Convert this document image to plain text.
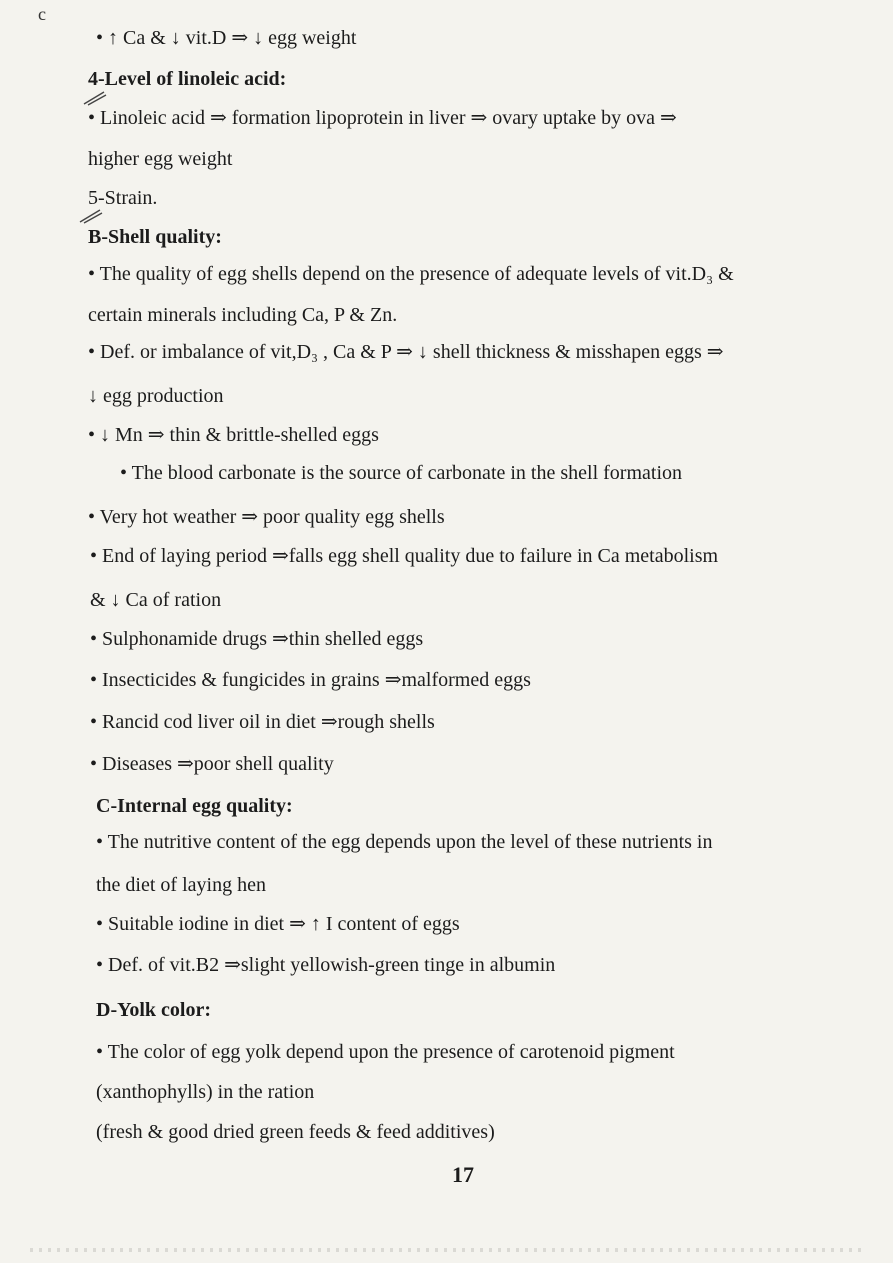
c
• ↑ Ca & ↓ vit.D ⇒ ↓ egg weight
4-Level of linoleic acid:
• Linoleic acid ⇒ formation lipoprotein in liver ⇒ ovary uptake by ova ⇒
higher egg weight
5-Strain.
B-Shell quality:
• The quality of egg shells depend on the presence of adequate levels of vit.D₃ &
certain minerals including Ca, P & Zn.
• Def. or imbalance of vit,D₃ , Ca & P ⇒ ↓ shell thickness & misshapen eggs ⇒
↓ egg production
• ↓ Mn ⇒ thin & brittle-shelled eggs
• The blood carbonate is the source of carbonate in the shell formation
• Very hot weather ⇒ poor quality egg shells
• End of laying period ⇒falls egg shell quality due to failure in Ca metabolism
& ↓ Ca of ration
• Sulphonamide drugs ⇒thin shelled eggs
• Insecticides & fungicides in grains ⇒malformed eggs
• Rancid cod liver oil in diet ⇒rough shells
• Diseases ⇒poor shell quality
C-Internal egg quality:
• The nutritive content of the egg depends upon the level of these nutrients in
the diet of laying hen
• Suitable iodine in diet ⇒ ↑ I content of eggs
• Def. of vit.B2 ⇒slight yellowish-green tinge in albumin
D-Yolk color:
• The color of egg yolk depend upon the presence of carotenoid pigment
(xanthophylls) in the ration
(fresh & good dried green feeds & feed additives)
17
